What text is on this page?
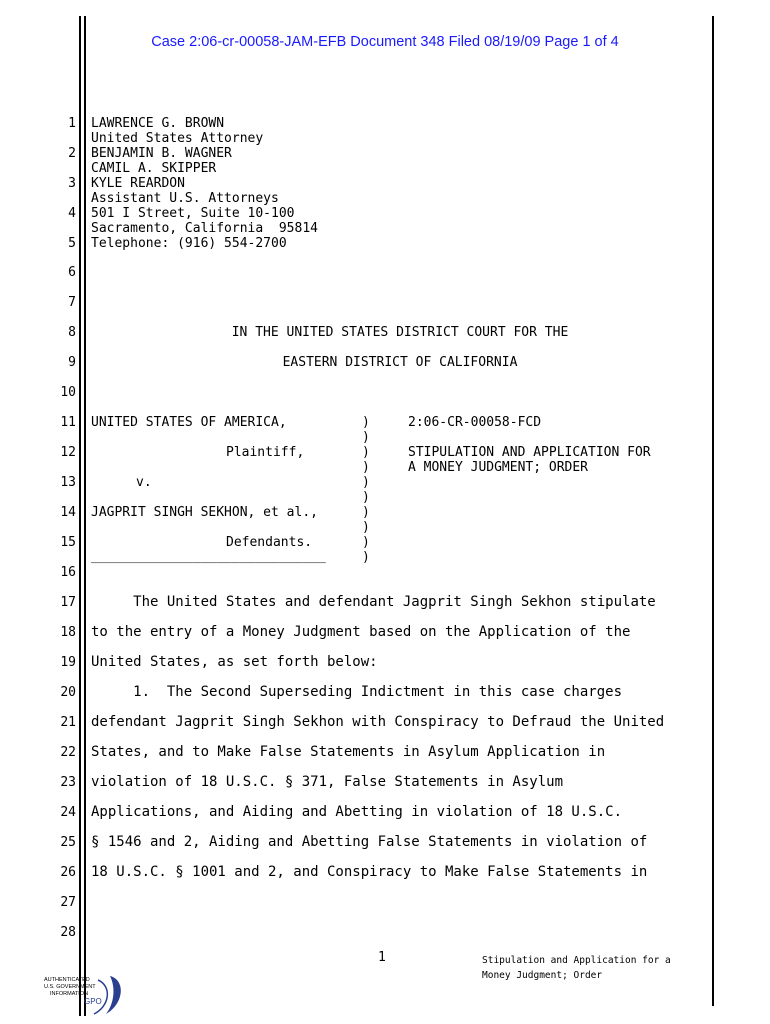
Case 2:06-cr-00058-JAM-EFB Document 348 Filed 08/19/09 Page 1 of 4
1
2
3
4
5
6
7
8
9
10
11
12
13
14
15
16
17
18
19
20
21
22
23
24
25
26
27
28
LAWRENCE G. BROWN
United States Attorney
BENJAMIN B. WAGNER
CAMIL A. SKIPPER
KYLE REARDON
Assistant U.S. Attorneys
501 I Street, Suite 10-100
Sacramento, California  95814
Telephone: (916) 554-2700
IN THE UNITED STATES DISTRICT COURT FOR THE
EASTERN DISTRICT OF CALIFORNIA
UNITED STATES OF AMERICA,
Plaintiff,
v.
JAGPRIT SINGH SEKHON, et al.,
Defendants.
______________________________
)
)
)
)
)
)
)
)
)
)
2:06-CR-00058-FCD
STIPULATION AND APPLICATION FOR
A MONEY JUDGMENT; ORDER
The United States and defendant Jagprit Singh Sekhon stipulate
to the entry of a Money Judgment based on the Application of the
United States, as set forth below:
1.  The Second Superseding Indictment in this case charges
defendant Jagprit Singh Sekhon with Conspiracy to Defraud the United
States, and to Make False Statements in Asylum Application in
violation of 18 U.S.C. § 371, False Statements in Asylum
Applications, and Aiding and Abetting in violation of 18 U.S.C.
§ 1546 and 2, Aiding and Abetting False Statements in violation of
18 U.S.C. § 1001 and 2, and Conspiracy to Make False Statements in
1	Stipulation and Application for a
Money Judgment; Order
AUTHENTICATED
U.S. GOVERNMENT
INFORMATION
GPO
